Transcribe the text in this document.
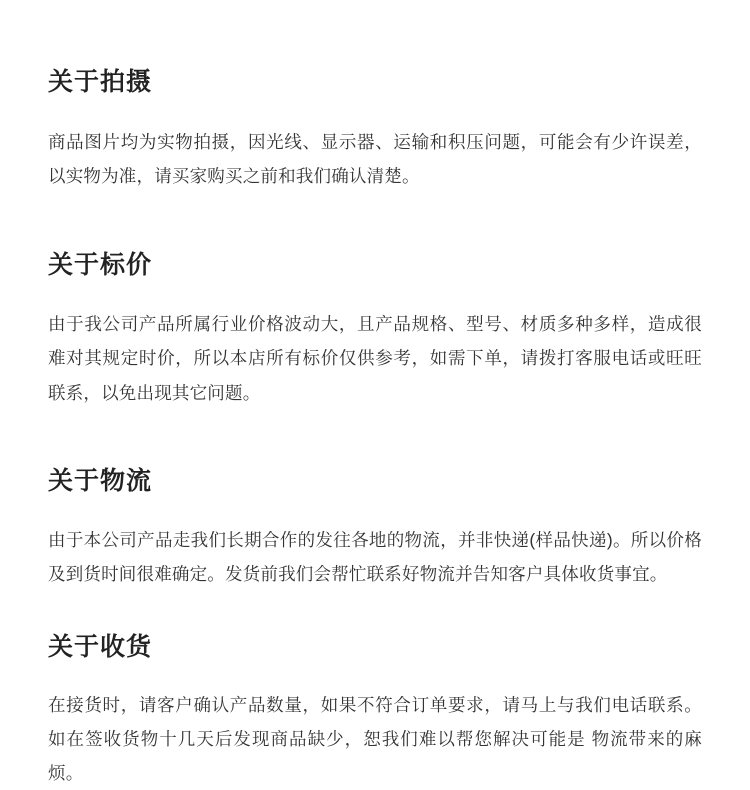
关于拍摄

商品图片均为实物拍摄，因光线、显示器、运输和积压问题，可能会有少许误差，以实物为准，请买家购买之前和我们确认清楚。

关于标价

由于我公司产品所属行业价格波动大，且产品规格、型号、材质多种多样，造成很难对其规定时价，所以本店所有标价仅供参考，如需下单，请拨打客服电话或旺旺联系，以免出现其它问题。

关于物流

由于本公司产品走我们长期合作的发往各地的物流，并非快递(样品快递)。所以价格及到货时间很难确定。发货前我们会帮忙联系好物流并告知客户具体收货事宜。

关于收货

在接货时，请客户确认产品数量，如果不符合订单要求，请马上与我们电话联系。如在签收货物十几天后发现商品缺少，恕我们难以帮您解决可能是 物流带来的麻烦。
